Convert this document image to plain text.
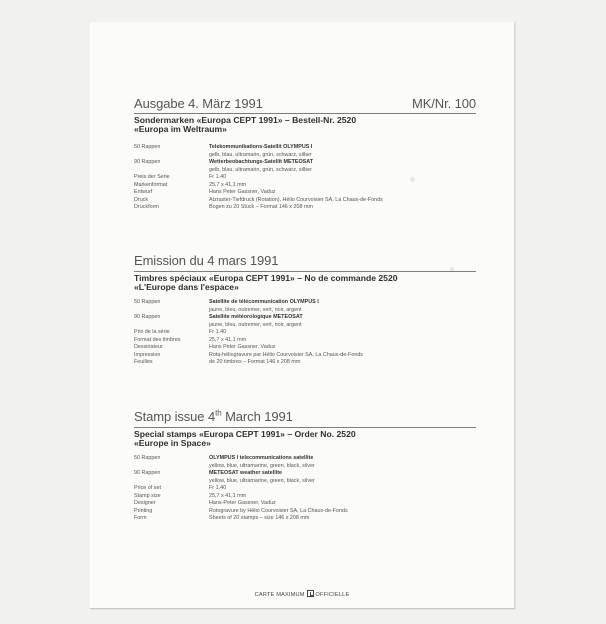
Ausgabe 4. März 1991	MK/Nr. 100
Sondermarken «Europa CEPT 1991» – Bestell-Nr. 2520
«Europa im Weltraum»
50 Rappen	Telekommunikations-Satellit OLYMPUS I
gelb, blau, ultramarin, grün, schwarz, silber
90 Rappen	Wetterbeobachtungs-Satellit METEOSAT
gelb, blau, ultramarin, grün, schwarz, silber
Preis der Serie	Fr 1.40
Markenformat	25,7 x 41,1 mm
Entwurf	Hans Peter Gassner, Vaduz
Druck	Atzraster-Tiefdruck (Rotation), Hélio Courvoisier SA, La Chaux-de-Fonds
Druckform	Bogen zu 20 Stück – Format 146 x 208 mm
Emission du 4 mars 1991
Timbres spéciaux «Europa CEPT 1991» – No de commande 2520
«L'Europe dans l'espace»
50 Rappen	Satellite de télécommunication OLYMPUS I
jaune, bleu, outremer, vert, noir, argent
90 Rappen	Satellite météorologique METEOSAT
jaune, bleu, outremer, vert, noir, argent
Prix de la série	Fr 1.40
Format des timbres	25,7 x 41,1 mm
Dessinateur	Hans Peter Gassner, Vaduz
Impression	Rota-héliogravure par Hélio Courvoisier SA, La Chaux-de-Fonds
Feuilles	de 20 timbres – Format 146 x 208 mm
Stamp issue 4th March 1991
Special stamps «Europa CEPT 1991» – Order No. 2520
«Europe in Space»
50 Rappen	OLYMPUS I telecommunications satellite
yellow, blue, ultramarine, green, black, silver
90 Rappen	METEOSAT weather satellite
yellow, blue, ultramarine, green, black, silver
Price of set	Fr 1.40
Stamp size	25,7 x 41,1 mm
Designer	Hans-Peter Gassner, Vaduz
Printing	Rotogravure by Hélio Courvoisier SA, La Chaux-de-Fonds
Form	Sheets of 20 stamps – size 146 x 208 mm
CARTE MAXIMUM OFFICIELLE
